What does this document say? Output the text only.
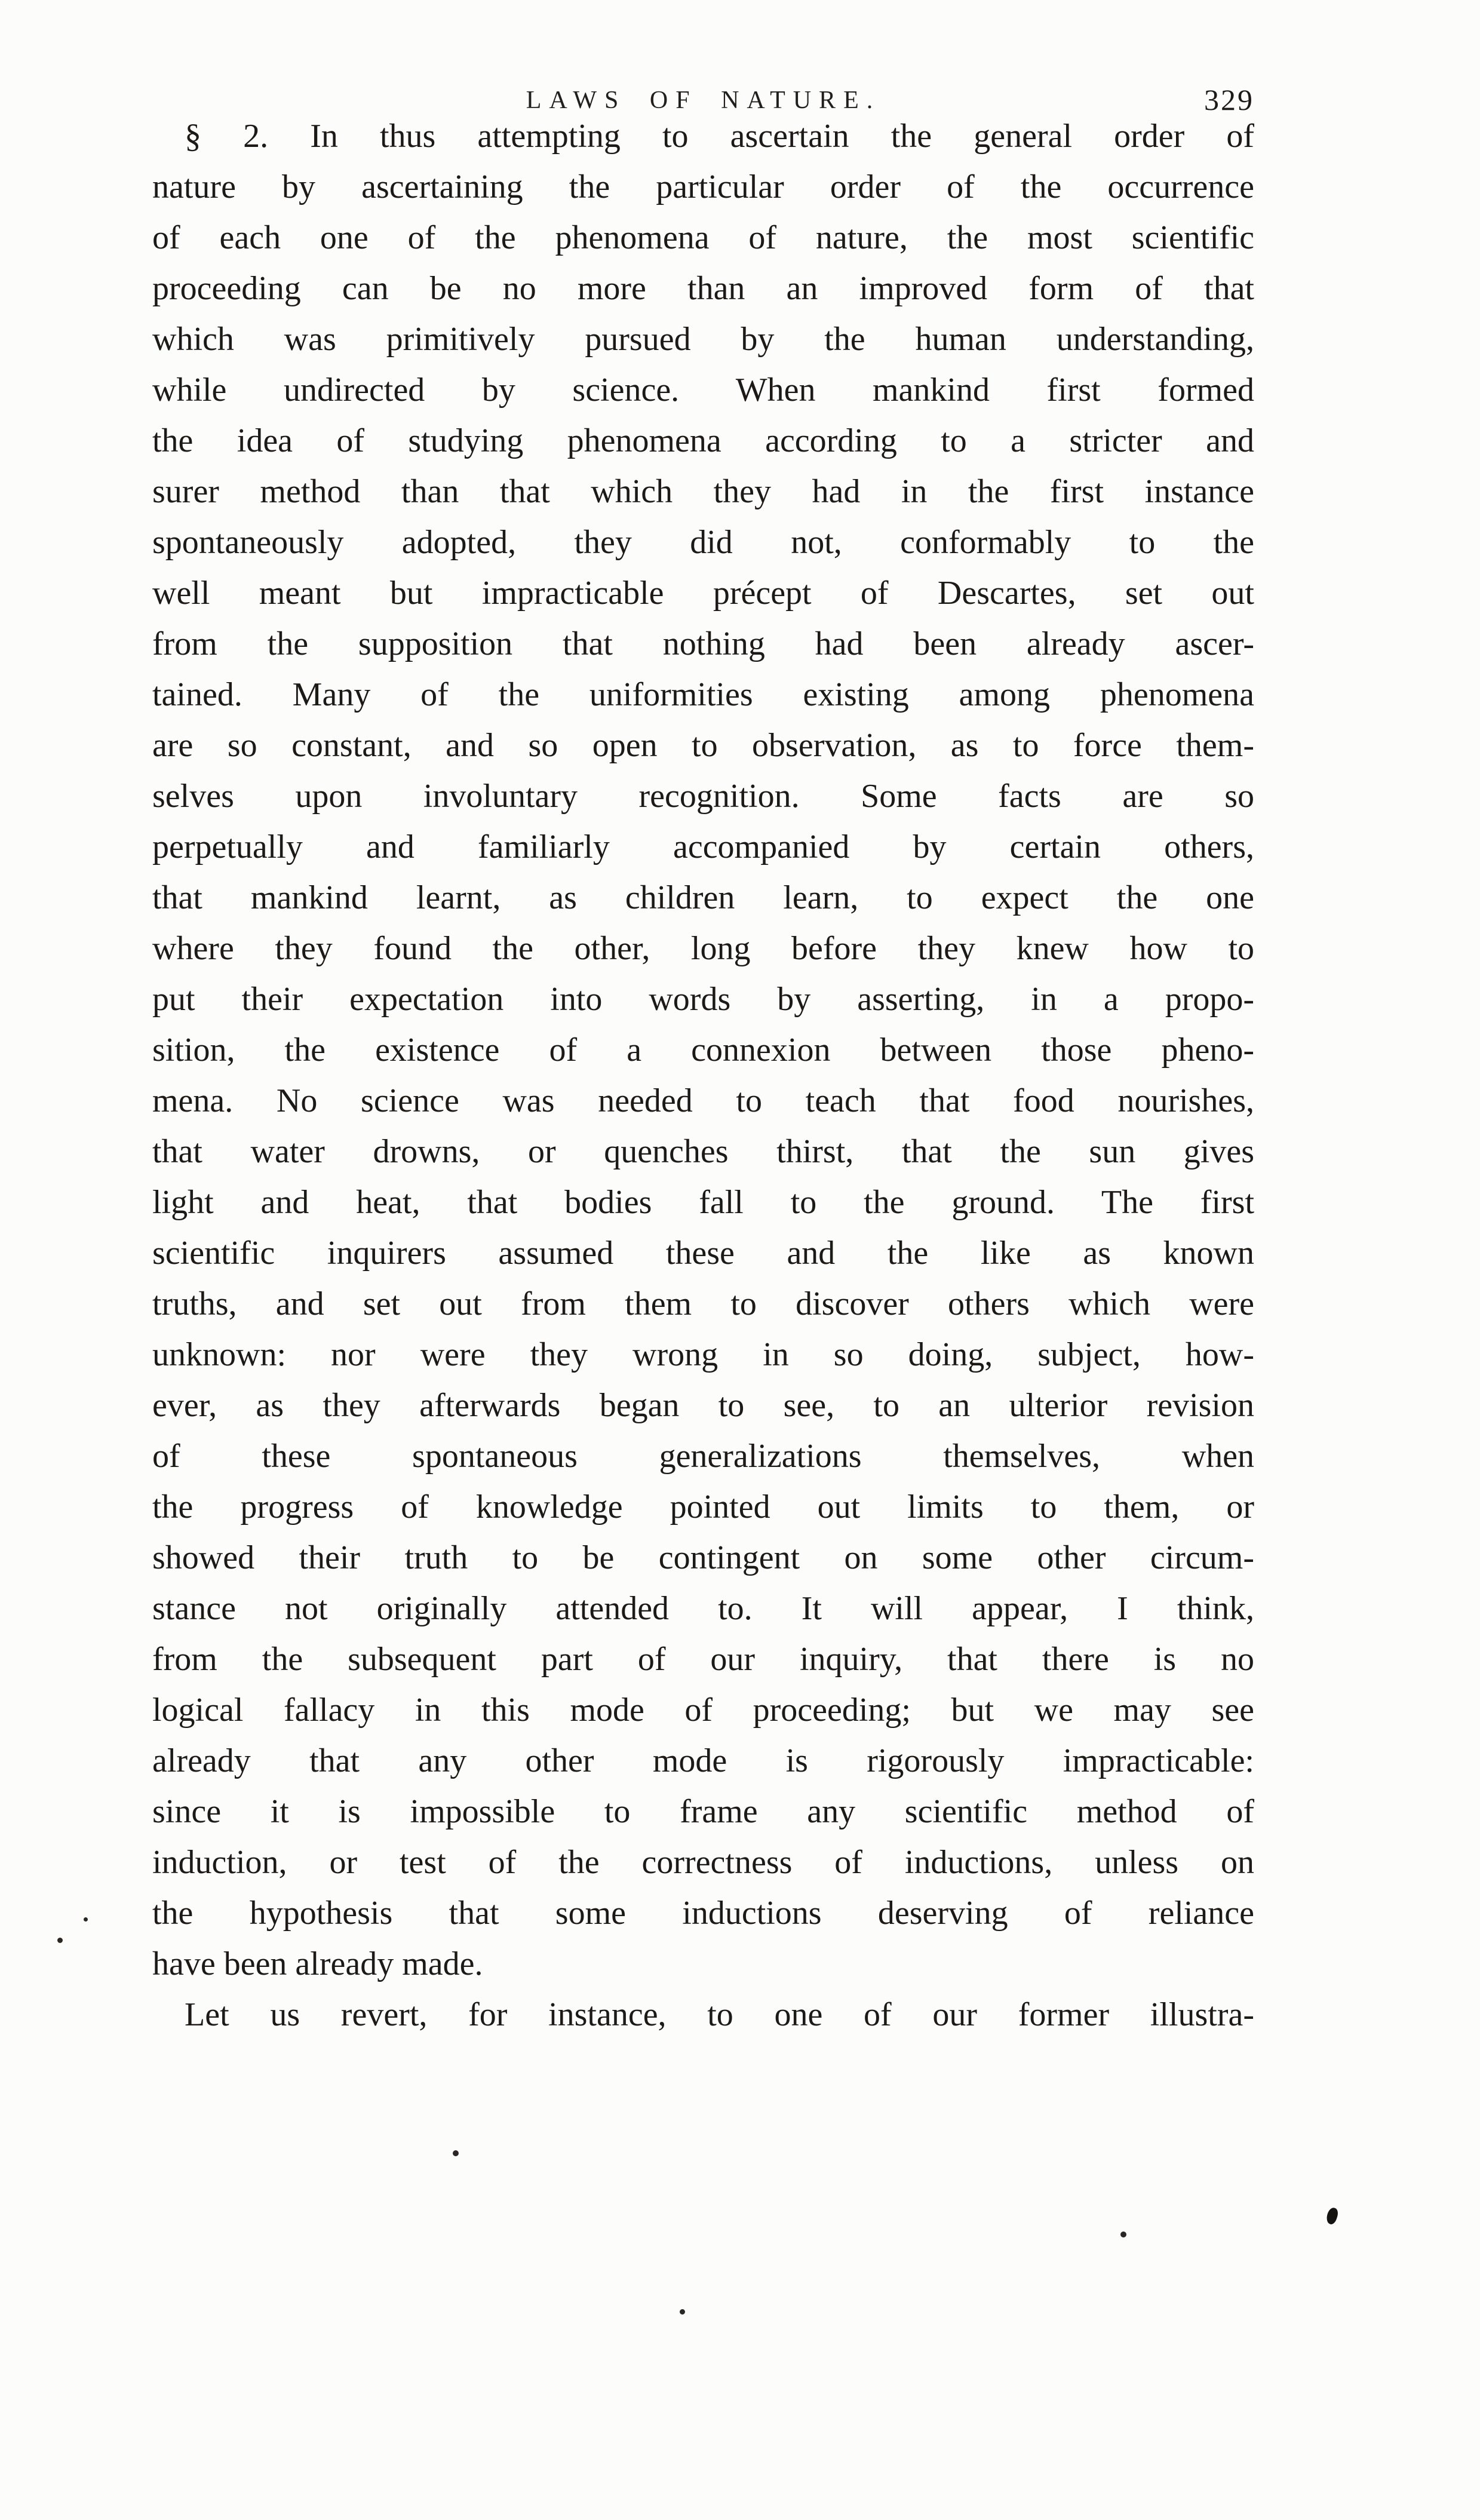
LAWS OF NATURE.	329
§ 2. In thus attempting to ascertain the general order of
nature by ascertaining the particular order of the occurrence
of each one of the phenomena of nature, the most scientific
proceeding can be no more than an improved form of that
which was primitively pursued by the human understanding,
while undirected by science. When mankind first formed
the idea of studying phenomena according to a stricter and
surer method than that which they had in the first instance
spontaneously adopted, they did not, conformably to the
well meant but impracticable précept of Descartes, set out
from the supposition that nothing had been already ascer-
tained. Many of the uniformities existing among phenomena
are so constant, and so open to observation, as to force them-
selves upon involuntary recognition. Some facts are so
perpetually and familiarly accompanied by certain others,
that mankind learnt, as children learn, to expect the one
where they found the other, long before they knew how to
put their expectation into words by asserting, in a propo-
sition, the existence of a connexion between those pheno-
mena. No science was needed to teach that food nourishes,
that water drowns, or quenches thirst, that the sun gives
light and heat, that bodies fall to the ground. The first
scientific inquirers assumed these and the like as known
truths, and set out from them to discover others which were
unknown: nor were they wrong in so doing, subject, how-
ever, as they afterwards began to see, to an ulterior revision
of these spontaneous generalizations themselves, when
the progress of knowledge pointed out limits to them, or
showed their truth to be contingent on some other circum-
stance not originally attended to. It will appear, I think,
from the subsequent part of our inquiry, that there is no
logical fallacy in this mode of proceeding; but we may see
already that any other mode is rigorously impracticable:
since it is impossible to frame any scientific method of
induction, or test of the correctness of inductions, unless on
the hypothesis that some inductions deserving of reliance
have been already made.
Let us revert, for instance, to one of our former illustra-
